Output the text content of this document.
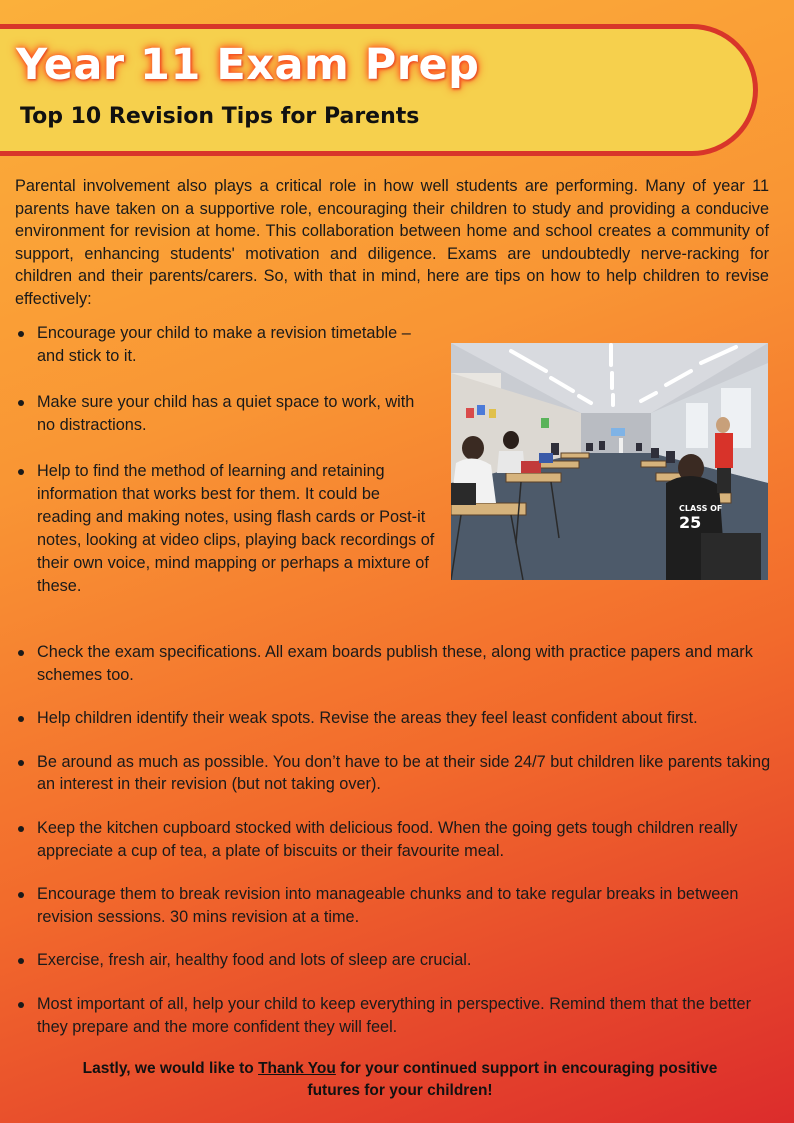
Year 11 Exam Prep
Top 10 Revision Tips for Parents

Parental involvement also plays a critical role in how well students are performing. Many of year 11 parents have taken on a supportive role, encouraging their children to study and providing a conducive environment for revision at home. This collaboration between home and school creates a community of support, enhancing students' motivation and diligence. Exams are undoubtedly nerve-racking for children and their parents/carers. So, with that in mind, here are tips on how to help children to revise effectively:

Encourage your child to make a revision timetable – and stick to it.
Make sure your child has a quiet space to work, with no distractions.
Help to find the method of learning and retaining information that works best for them. It could be reading and making notes, using flash cards or Post-it notes, looking at video clips, playing back recordings of their own voice, mind mapping or perhaps a mixture of these.
CLASS OF
25
Check the exam specifications. All exam boards publish these, along with practice papers and mark schemes too.
Help children identify their weak spots. Revise the areas they feel least confident about first.
Be around as much as possible. You don’t have to be at their side 24/7 but children like parents taking an interest in their revision (but not taking over).
Keep the kitchen cupboard stocked with delicious food. When the going gets tough children really appreciate a cup of tea, a plate of biscuits or their favourite meal.
Encourage them to break revision into manageable chunks and to take regular breaks in between revision sessions. 30 mins revision at a time.
Exercise, fresh air, healthy food and lots of sleep are crucial.
Most important of all, help your child to keep everything in perspective. Remind them that the better they prepare and the more confident they will feel.

Lastly, we would like to Thank You for your continued support in encouraging positive futures for your children!
